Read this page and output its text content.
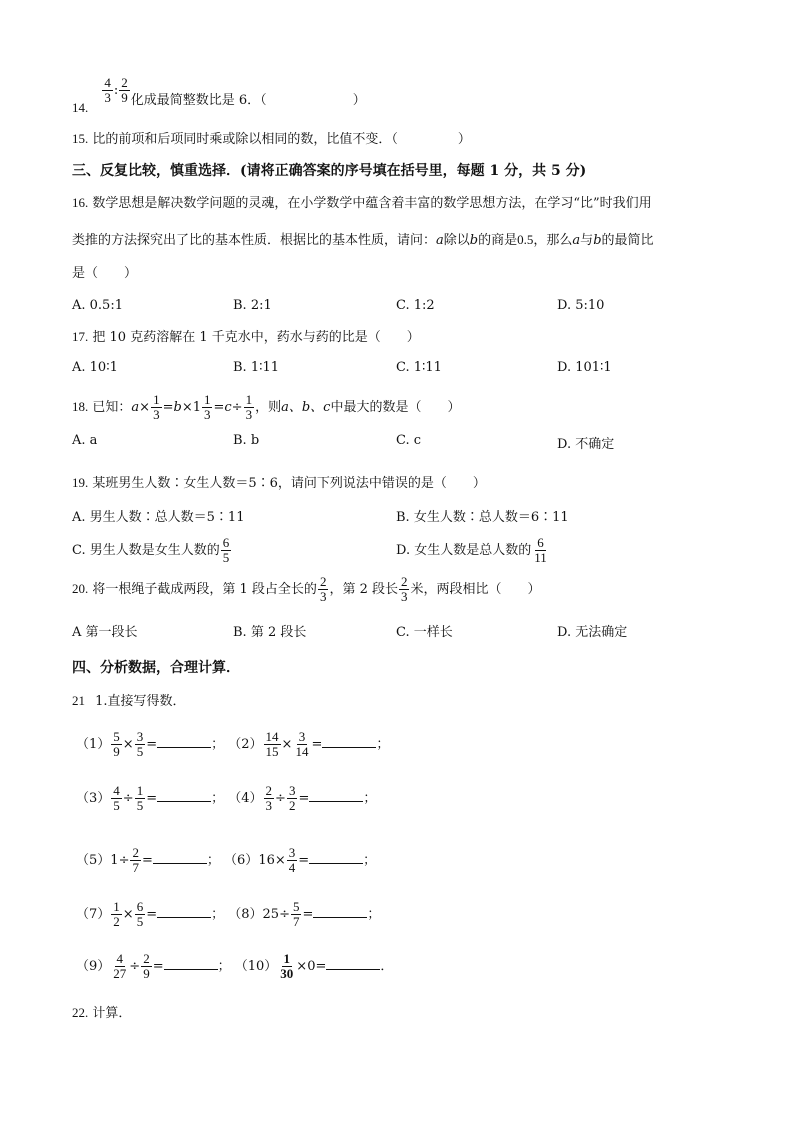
14.
$\frac{4}{3}$ : $\frac{2}{9}$ 化成最简整数比是 6．（	）
15. 比的前项和后项同时乘或除以相同的数，比值不变．（	）
三、反复比较，慎重选择．(请将正确答案的序号填在括号里，每题 1 分，共 5 分)
16. 数学思想是解决数学问题的灵魂，在小学数学中蕴含着丰富的数学思想方法，在学习“比”时我们用
类推的方法探究出了比的基本性质．根据比的基本性质，请问：a除以b的商是0.5，那么a与b的最简比
是（　　）
A. 0.5:1	B. 2:1	C. 1:2	D. 5:10
17. 把 10 克药溶解在 1 千克水中，药水与药的比是（　　）
A. 10∶1	B. 1∶11	C. 1∶11	D. 101∶1
18. 已知：$a\times \frac{1}{3} =b\times 1 \frac{1}{3} =c\div \frac{1}{3}$ ，则a、b、c中最大的数是（　　）
A. a	B. b	C. c	D. 不确定
19. 某班男生人数∶女生人数＝5∶6，请问下列说法中错误的是（　　）
A. 男生人数∶总人数＝5∶11	B. 女生人数∶总人数＝6∶11
C. 男生人数是女生人数的 $\frac{6}{5}$	D. 女生人数是总人数的 $\frac{6}{11}$
20. 将一根绳子截成两段，第 1 段占全长的 $\frac{2}{3}$ ，第 2 段长 $\frac{2}{3}$ 米，两段相比（　　）
A 第一段长	B. 第 2 段长	C. 一样长	D. 无法确定
四、分析数据，合理计算．
21 1.直接写得数．
$(1) \frac{5}{9} \times \frac{3}{5}$ =	； $(2) \frac{14}{15} \times \frac{3}{14}$ =	；
$(3) \frac{4}{5} \div \frac{1}{5}$ =	； $(4) \frac{2}{3} \div \frac{3}{2}$ =	；
$(5)1\div \frac{2}{7}$ =	； $(6)16\times \frac{3}{4}$ =	；
$(7) \frac{1}{2} \times \frac{6}{5}$ =	； $(8)25\div \frac{5}{7}$ =	；
$(9) \frac{4}{27} \div \frac{2}{9}$ =	； $(10) \frac{1}{30} \times 0=$	．
22. 计算．
